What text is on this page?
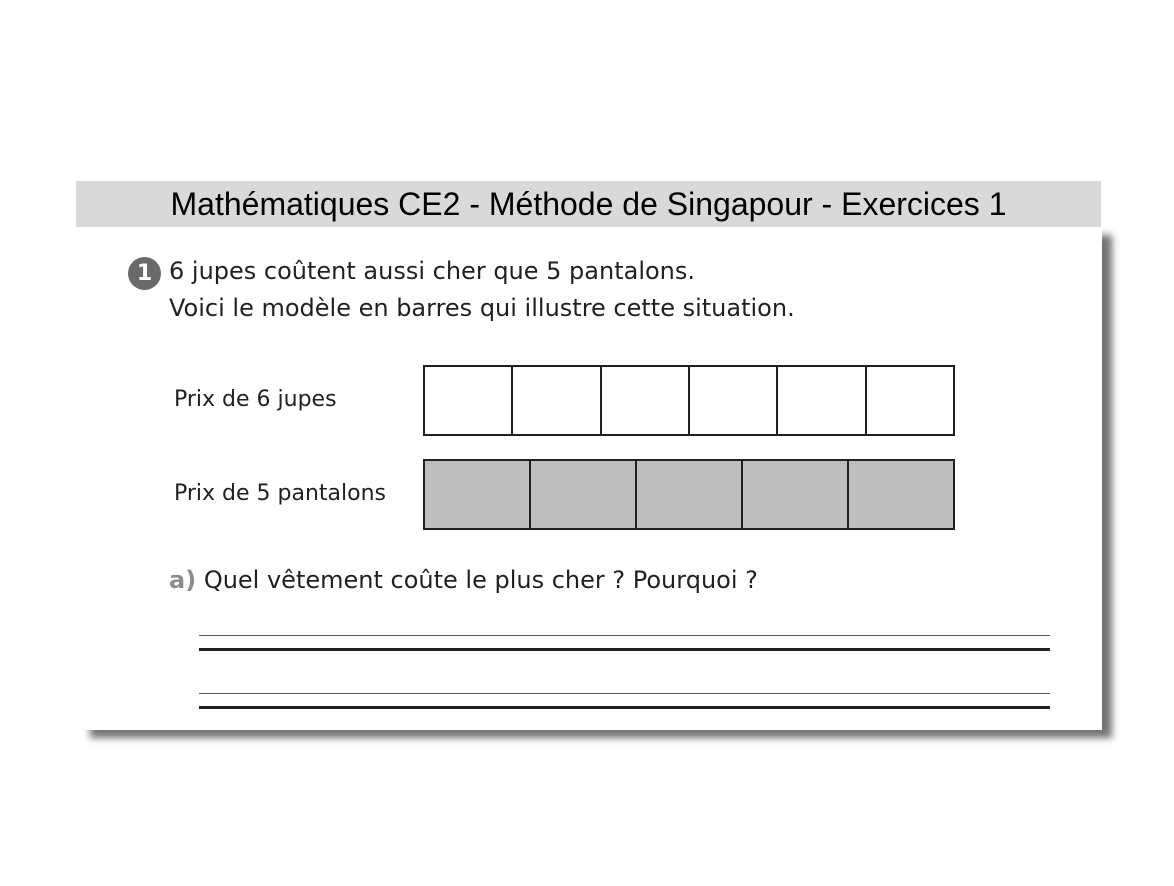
Mathématiques CE2 - Méthode de Singapour - Exercices 1
1 6 jupes coûtent aussi cher que 5 pantalons.
Voici le modèle en barres qui illustre cette situation.
Prix de 6 jupes
Prix de 5 pantalons
a) Quel vêtement coûte le plus cher ? Pourquoi ?
